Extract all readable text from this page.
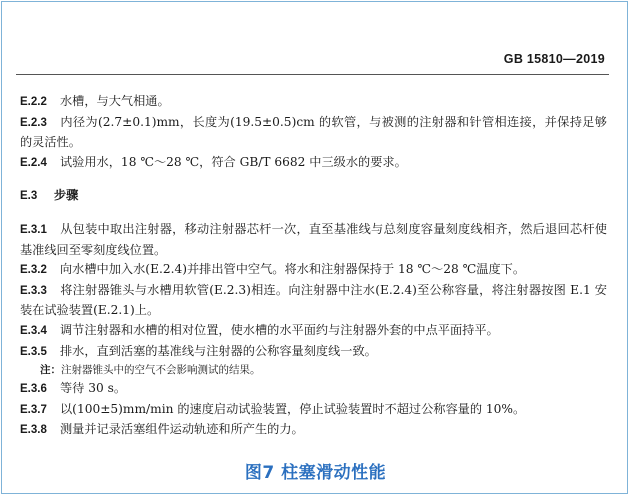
GB 15810—2019

E.2.2 水槽，与大气相通。

E.2.3 内径为(2.7±0.1)mm，长度为(19.5±0.5)cm 的软管，与被测的注射器和针管相连接，并保持足够的灵活性。

E.2.4 试验用水，18 ℃～28 ℃，符合 GB/T 6682 中三级水的要求。

E.3 步骤

E.3.1 从包装中取出注射器，移动注射器芯杆一次，直至基准线与总刻度容量刻度线相齐，然后退回芯杆使基准线回至零刻度线位置。

E.3.2 向水槽中加入水(E.2.4)并排出管中空气。将水和注射器保持于 18 ℃～28 ℃温度下。

E.3.3 将注射器锥头与水槽用软管(E.2.3)相连。向注射器中注水(E.2.4)至公称容量，将注射器按图 E.1 安装在试验装置(E.2.1)上。

E.3.4 调节注射器和水槽的相对位置，使水槽的水平面约与注射器外套的中点平面持平。

E.3.5 排水，直到活塞的基准线与注射器的公称容量刻度线一致。

注：注射器锥头中的空气不会影响测试的结果。

E.3.6 等待 30 s。

E.3.7 以(100±5)mm/min 的速度启动试验装置，停止试验装置时不超过公称容量的 10%。

E.3.8 测量并记录活塞组件运动轨迹和所产生的力。

图7 柱塞滑动性能
